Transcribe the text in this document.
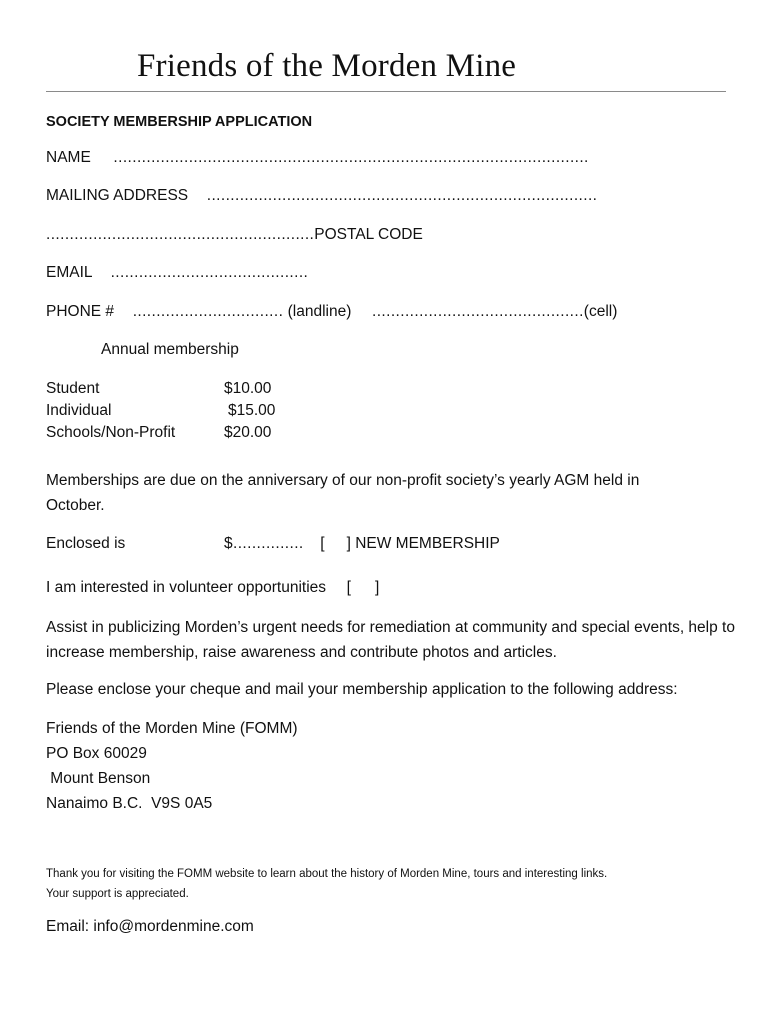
Friends of the Morden Mine
SOCIETY MEMBERSHIP APPLICATION
NAME .....................................................................................................
MAILING ADDRESS ...................................................................................
.........................................................POSTAL CODE
EMAIL ..........................................
PHONE # ................................ (landline) .............................................(cell)
Annual membership
Student	$10.00
Individual	$15.00
Schools/Non-Profit	$20.00
Memberships are due on the anniversary of our non-profit society’s yearly AGM held in October.
Enclosed is	$............... [ ] NEW MEMBERSHIP
I am interested in volunteer opportunities [ ]
Assist in publicizing Morden’s urgent needs for remediation at community and special events, help to increase membership, raise awareness and contribute photos and articles.
Please enclose your cheque and mail your membership application to the following address:
Friends of the Morden Mine (FOMM)
PO Box 60029
Mount Benson
Nanaimo B.C.  V9S 0A5
Thank you for visiting the FOMM website to learn about the history of Morden Mine, tours and interesting links.
Your support is appreciated.
Email: info@mordenmine.com
